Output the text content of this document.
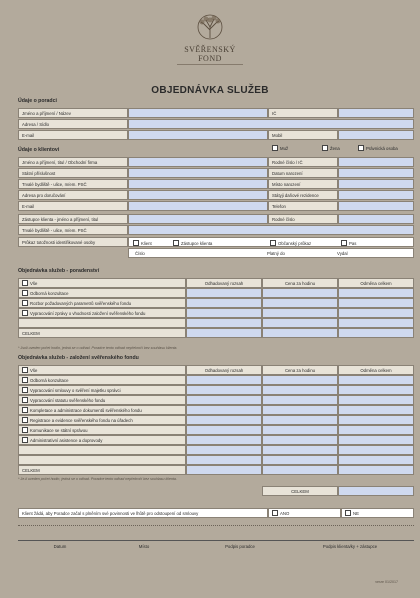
SVĚŘENSKÝ FOND
OBJEDNÁVKA SLUŽEB
Údaje o poradci
Jméno a příjmení / Název	IČ
Adresa / Sídlo
E-mail	Mobil
Údaje o klientovi	Muž	Žena	Právnická osoba
Jméno a příjmení, titul / Obchodní firma	Rodné číslo / IČ
Státní příslušnost	Datum narození
Trvalé bydliště - ulice, m/em. PSČ	Místo narození
Adresa pro doručování	Státyji daňové rezidence
E-mail	Telefon
Zástupce klienta - jméno a příjmení, titul	Rodné číslo
Trvalé bydliště - ulice, m/em. PSČ
Průkaz totožnosti identifikované osoby	Klient	Zástupce klienta	Občanský průkaz	Pas
Číslo	Platný do	Vydal
Objednávka služeb - poradenství
Vše	Odhadovaný rozsah	Cena za hodinu	Odměna celkem
Odborná konzultace
Rozbor požadovaných parametrů svěřenského fondu
Vypracování zprávy o vhodnosti založení svěřenského fondu
CELKEM
* Jsoli uveden počet hodin, jedná se o odhad. Poradce tento odhad nepřekročí bez souhlasu klienta.
Objednávka služeb - založení svěřenského fondu
Vše	Odhadovaný rozsah	Cena za hodinu	Odměna celkem
Odborná konzultace
Vypracování smlouvy o svěření majetku správci
Vypracování statutu svěřenského fondu
Kompletace a administrace dokumentů svěřenského fondu
Registrace a evidence svěřenského fondu na úřadech
Komunikace se státní správou
Administrativní asistence a doprovody
CELKEM
* Je-li uveden počet hodin, jedná se o odhad. Poradce tento odhad nepřekročí bez souhlasu klienta.
CELKEM
Klient žádá, aby Poradce začal s plněním své povinnosti ve lhůtě pro odstoupení od smlouvy	ANO	NE
Datum	Místo	Podpis poradce	Podpis klienta/ky + zástupce
verze 01/2017
